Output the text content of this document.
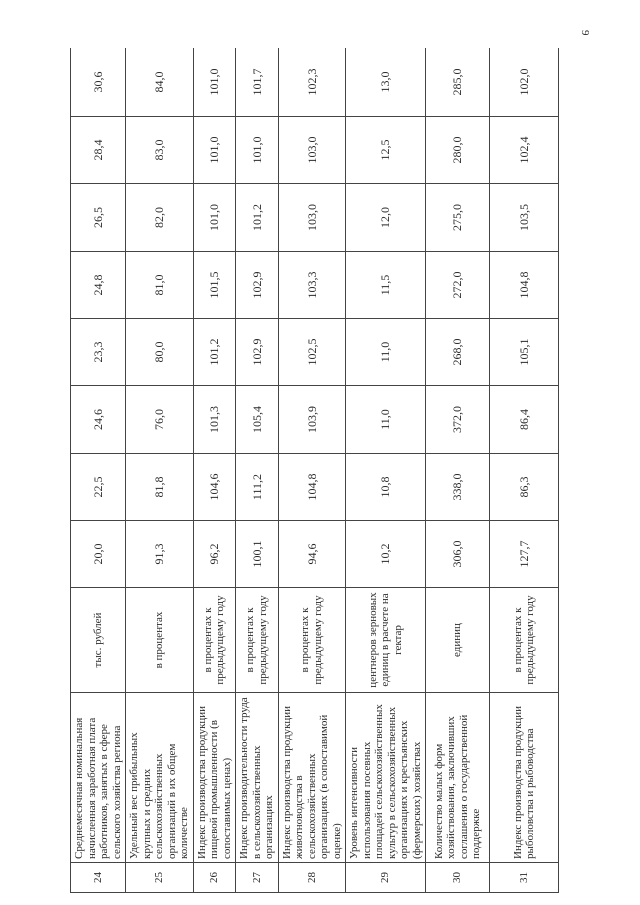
9
24	Среднемесячная номинальная начисленная заработная плата работников, занятых в сфере сельского хозяйства региона	тыс. рублей	20,0	22,5	24,6	23,3	24,8	26,5	28,4	30,6
25	Удельный вес прибыльных крупных и средних сельскохозяйственных организаций в их общем количестве	в процентах	91,3	81,8	76,0	80,0	81,0	82,0	83,0	84,0
26	Индекс производства продукции пищевой промышленности (в сопоставимых ценах)	в процентах к предыдущему году	96,2	104,6	101,3	101,2	101,5	101,0	101,0	101,0
27	Индекс производительности труда в сельскохозяйственных организациях	в процентах к предыдущему году	100,1	111,2	105,4	102,9	102,9	101,2	101,0	101,7
28	Индекс производства продукции животноводства в сельскохозяйственных организациях (в сопоставимой оценке)	в процентах к предыдущему году	94,6	104,8	103,9	102,5	103,3	103,0	103,0	102,3
29	Уровень интенсивности использования посевных площадей сельскохозяйственных культур в сельскохозяйственных организациях и крестьянских (фермерских) хозяйствах	центнеров зерновых единиц в расчете на гектар	10,2	10,8	11,0	11,0	11,5	12,0	12,5	13,0
30	Количество малых форм хозяйствования, заключивших соглашения о государственной поддержке	единиц	306,0	338,0	372,0	268,0	272,0	275,0	280,0	285,0
31	Индекс производства продукции рыболовства и рыбоводства	в процентах к предыдущему году	127,7	86,3	86,4	105,1	104,8	103,5	102,4	102,0
